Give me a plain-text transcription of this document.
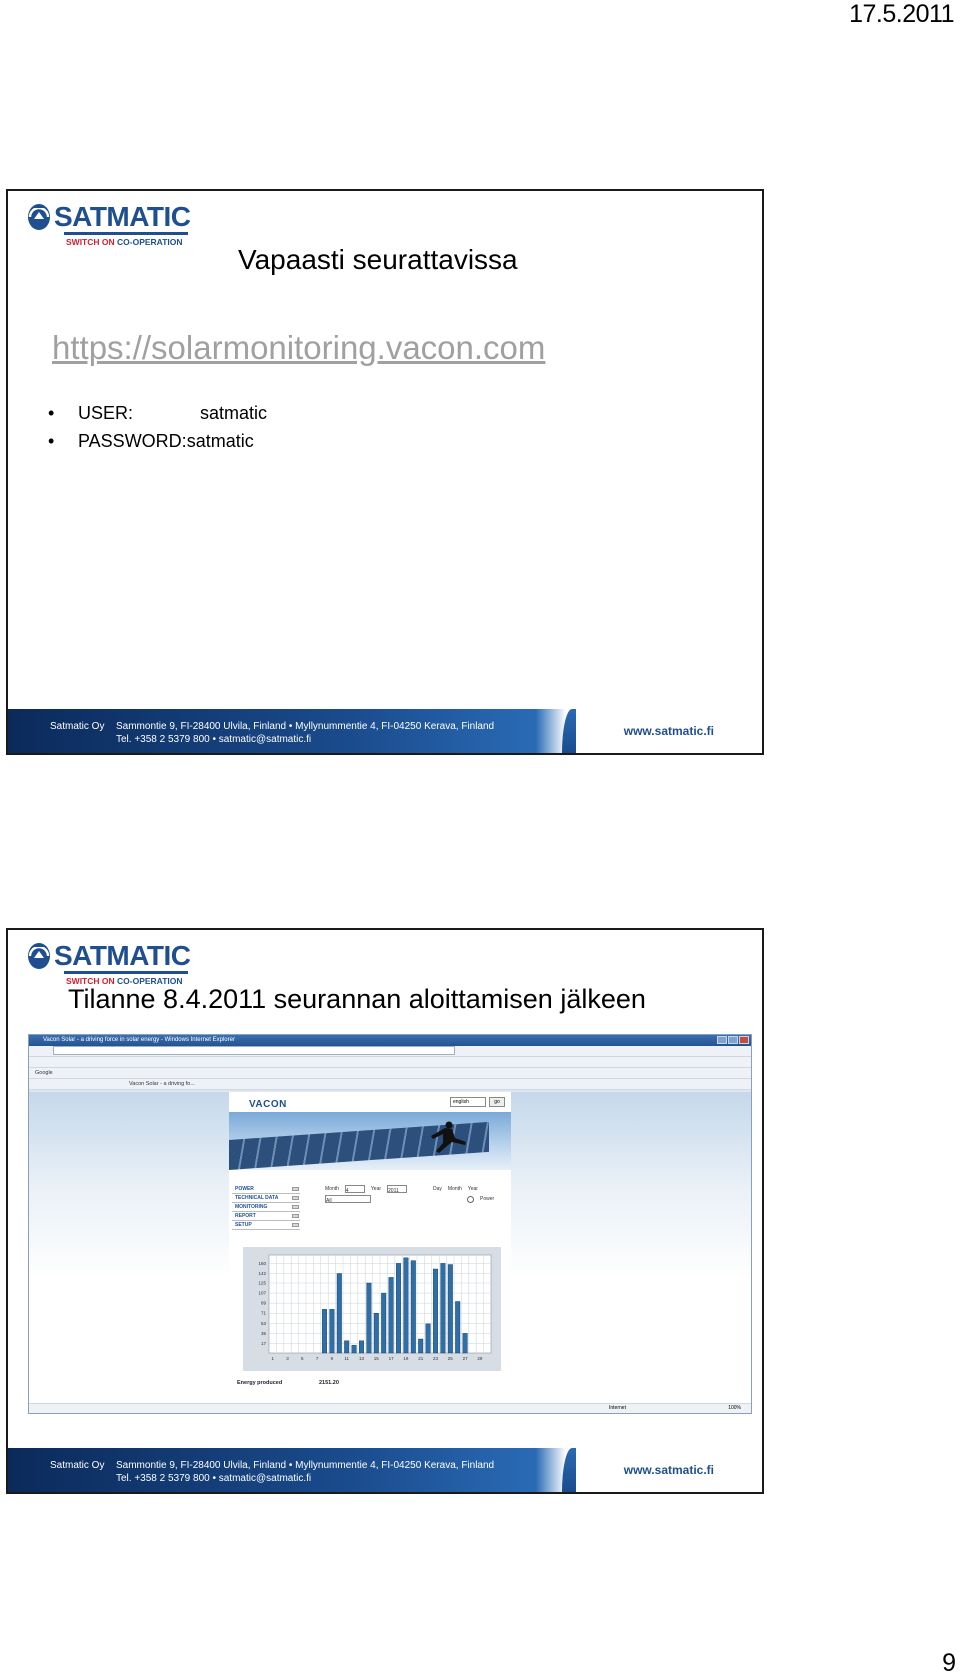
17.5.2011
SATMATIC
SWITCH ON CO-OPERATION
Vapaasti seurattavissa
https://solarmonitoring.vacon.com
•	USER:	satmatic
•	PASSWORD: satmatic
Satmatic Oy Sammontie 9, FI-28400 Ulvila, Finland • Myllynummentie 4, FI-04250 Kerava, Finland
Tel. +358 2 5379 800 • satmatic@satmatic.fi
www.satmatic.fi
SATMATIC
SWITCH ON CO-OPERATION
Tilanne 8.4.2011 seurannan aloittamisen jälkeen
Vacon Solar - a driving force in solar energy - Windows Internet Explorer
Google
Vacon Solar - a driving fo...
VACON	english	go
POWER
TECHNICAL DATA
MONITORING
REPORT
SETUP
Month 4	Year 2011	Day Month Year
All	Power
17
35
53
71
89
107
125
142
160
1	3	5	7	9 11 13 15 17 19 21 23 25 27 29
Energy produced	2151.20
Internet	100%
Satmatic Oy Sammontie 9, FI-28400 Ulvila, Finland • Myllynummentie 4, FI-04250 Kerava, Finland
Tel. +358 2 5379 800 • satmatic@satmatic.fi
www.satmatic.fi
9
